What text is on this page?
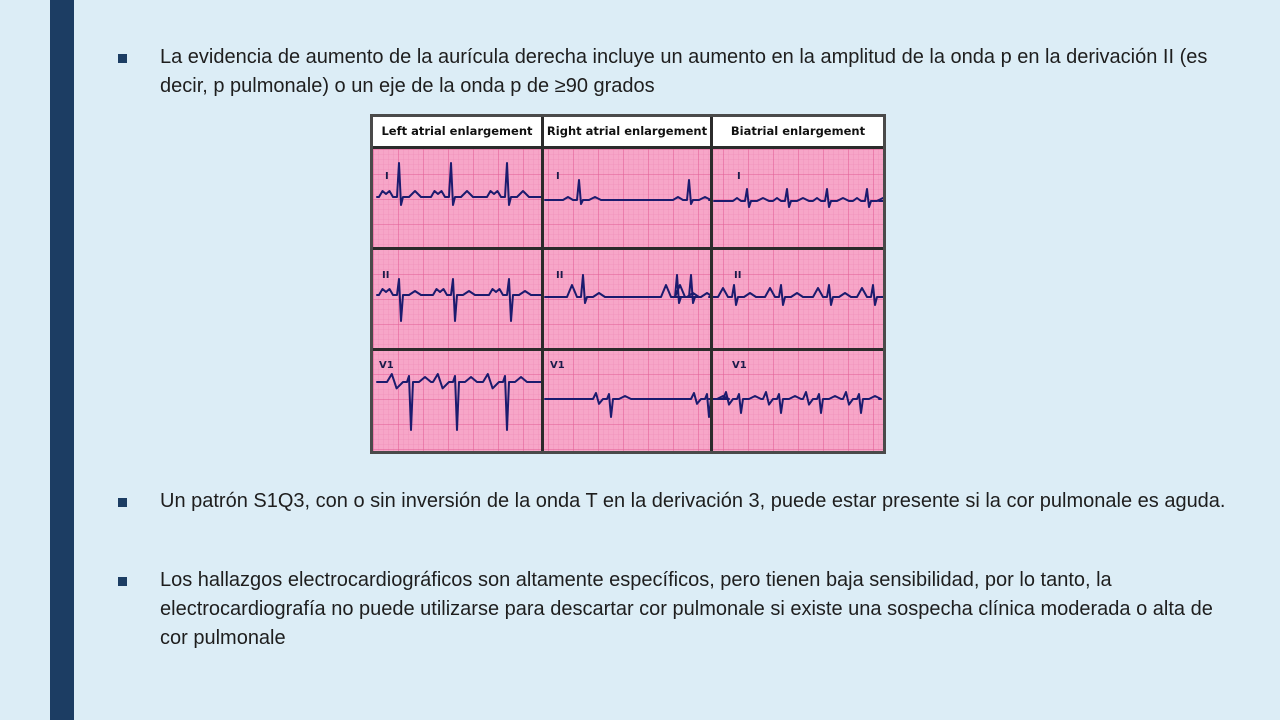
La evidencia de aumento de la aurícula derecha incluye un aumento en la amplitud de la onda p en la derivación II (es decir, p pulmonale) o un eje de la onda p de ≥90 grados
Left atrial enlargement	Right atrial enlargement	Biatrial enlargement
I	I	I
II	II	II
V1	V1	V1
Un patrón S1Q3, con o sin inversión de la onda T en la derivación 3, puede estar presente si la cor pulmonale es aguda.
Los hallazgos electrocardiográficos son altamente específicos, pero tienen baja sensibilidad, por lo tanto, la electrocardiografía no puede utilizarse para descartar cor pulmonale si existe una sospecha clínica moderada o alta de cor pulmonale
